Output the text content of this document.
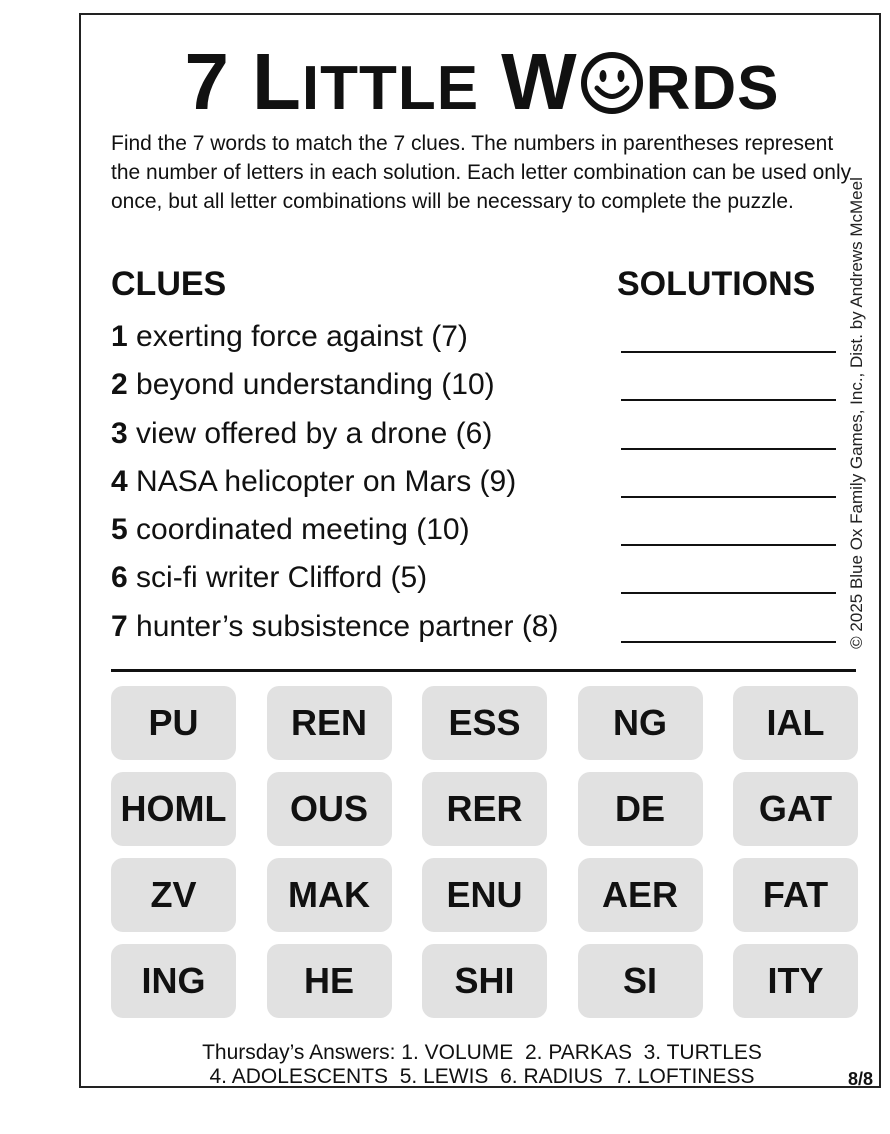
7 L ITTLE W RDS
Find the 7 words to match the 7 clues. The numbers in parentheses represent the number of letters in each solution. Each letter combination can be used only once, but all letter combinations will be necessary to complete the puzzle.
CLUES	SOLUTIONS
1 exerting force against (7)
2 beyond understanding (10)
3 view offered by a drone (6)
4 NASA helicopter on Mars (9)
5 coordinated meeting (10)
6 sci-fi writer Clifford (5)
7 hunter’s subsistence partner (8)	© 2025 Blue Ox Family Games, Inc., Dist. by Andrews McMeel
PU	REN	ESS	NG	IAL
HOML	OUS	RER	DE	GAT
ZV	MAK	ENU	AER	FAT
ING	HE	SHI	SI	ITY
Thursday’s Answers: 1. VOLUME  2. PARKAS  3. TURTLES
4. ADOLESCENTS  5. LEWIS  6. RADIUS  7. LOFTINESS	8/8
